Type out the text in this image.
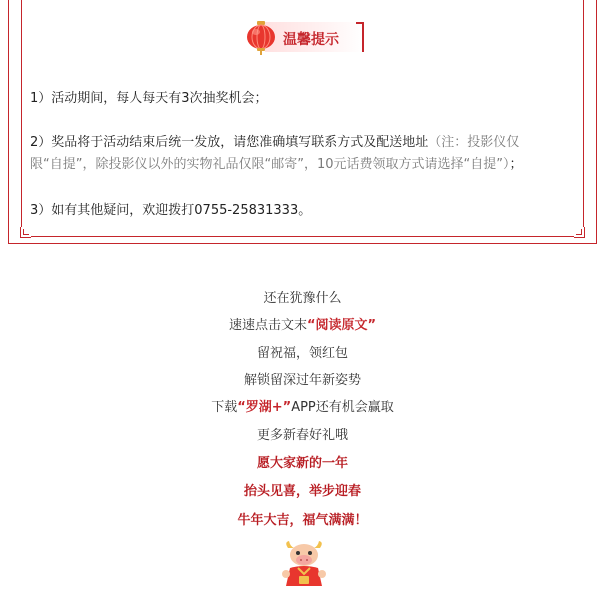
温馨提示
1）活动期间，每人每天有3次抽奖机会；
2）奖品将于活动结束后统一发放，请您准确填写联系方式及配送地址（注：投影仪仅
限“自提”，除投影仪以外的实物礼品仅限“邮寄”，10元话费领取方式请选择“自提”）；
3）如有其他疑问，欢迎拨打0755-25831333。
还在犹豫什么
速速点击文末“阅读原文”
留祝福，领红包
解锁留深过年新姿势
下载“罗湖+”APP还有机会赢取
更多新春好礼哦
愿大家新的一年
抬头见喜，举步迎春
牛年大吉，福气满满！
